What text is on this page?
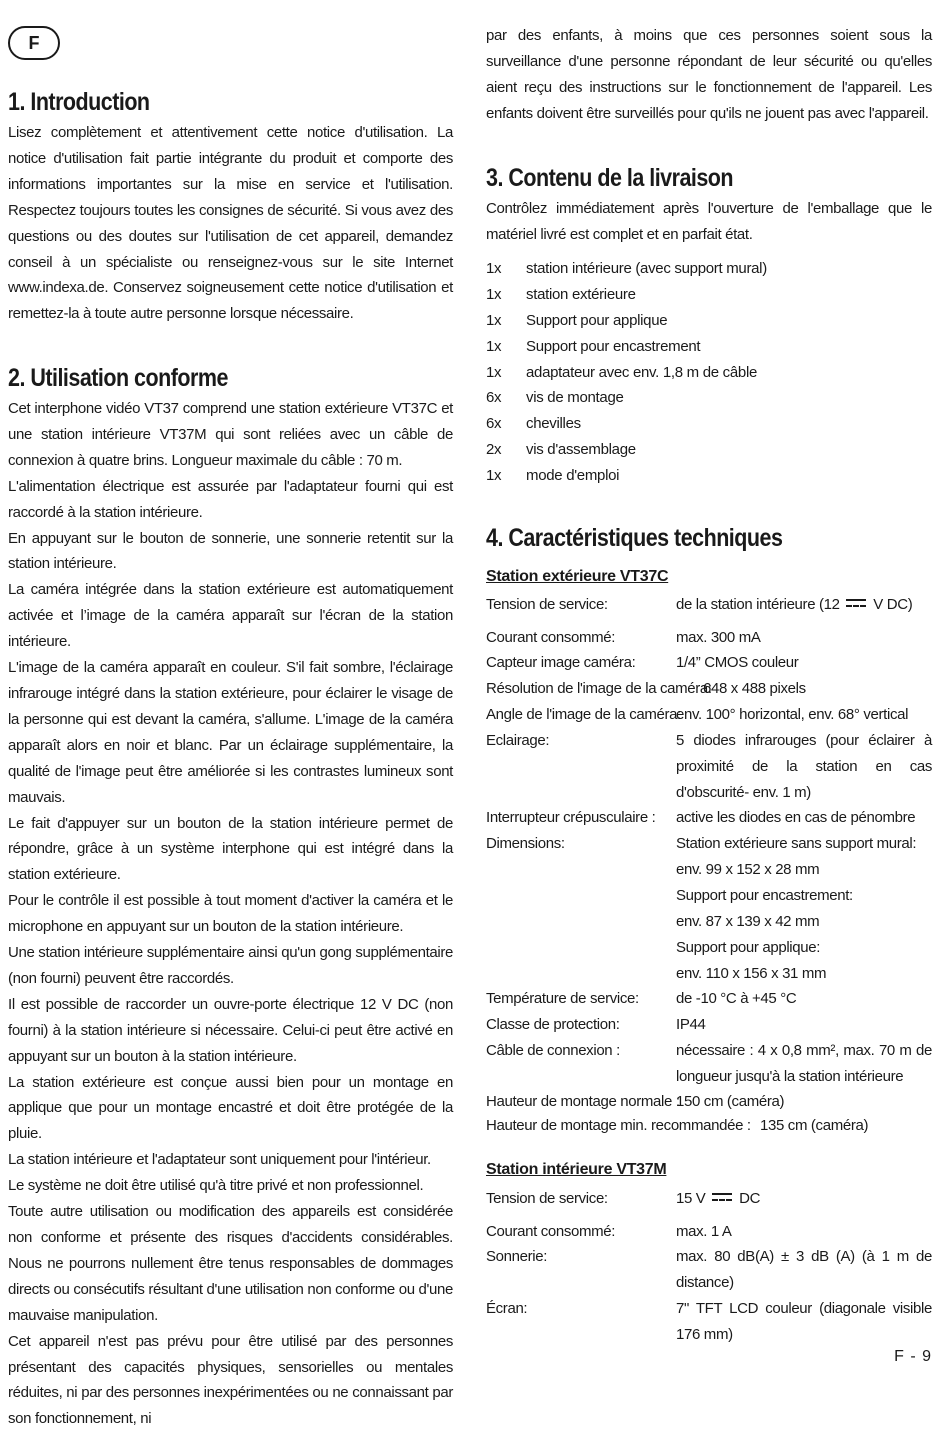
F
1. Introduction

Lisez complètement et attentivement cette notice d'utilisation. La notice d'utilisation fait partie intégrante du produit et comporte des informations importantes sur la mise en service et l'utilisation. Respectez toujours toutes les consignes de sécurité. Si vous avez des questions ou des doutes sur l'utilisation de cet appareil, demandez conseil à un spécialiste ou renseignez-vous sur le site Internet www.indexa.de. Conservez soigneusement cette notice d'utilisation et remettez-la à toute autre personne lorsque nécessaire.

2. Utilisation conforme

Cet interphone vidéo VT37 comprend une station extérieure VT37C et une station intérieure VT37M qui sont reliées avec un câble de connexion à quatre brins. Longueur maximale du câble : 70 m.

L'alimentation électrique est assurée par l'adaptateur fourni qui est raccordé à la station intérieure.

En appuyant sur le bouton de sonnerie, une sonnerie retentit sur la station intérieure.

La caméra intégrée dans la station extérieure est automatiquement activée et l’image de la caméra apparaît sur l'écran de la station intérieure.

L'image de la caméra apparaît en couleur. S'il fait sombre, l'éclairage infrarouge intégré dans la station extérieure, pour éclairer le visage de la personne qui est devant la caméra, s'allume. L'image de la caméra apparaît alors en noir et blanc. Par un éclairage supplémentaire, la qualité de l'image peut être améliorée si les contrastes lumineux sont mauvais.

Le fait d'appuyer sur un bouton de la station intérieure permet de répondre, grâce à un système interphone qui est intégré dans la station extérieure.

Pour le contrôle il est possible à tout moment d'activer la caméra et le microphone en appuyant sur un bouton de la station intérieure.

Une station intérieure supplémentaire ainsi qu'un gong supplémentaire (non fourni) peuvent être raccordés.

Il est possible de raccorder un ouvre-porte électrique 12 V DC (non fourni) à la station intérieure si nécessaire. Celui-ci peut être activé en appuyant sur un bouton à la station intérieure.

La station extérieure est conçue aussi bien pour un montage en applique que pour un montage encastré et doit être protégée de la pluie.

La station intérieure et l'adaptateur sont uniquement pour l'intérieur.

Le système ne doit être utilisé qu'à titre privé et non professionnel.

Toute autre utilisation ou modification des appareils est considérée non conforme et présente des risques d'accidents considérables. Nous ne pourrons nullement être tenus responsables de dommages directs ou consécutifs résultant d'une utilisation non conforme ou d'une mauvaise manipulation.

Cet appareil n'est pas prévu pour être utilisé par des personnes présentant des capacités physiques, sensorielles ou mentales réduites, ni par des personnes inexpérimentées ou ne connaissant par son fonctionnement, ni

par des enfants, à moins que ces personnes soient sous la surveillance d'une personne répondant de leur sécurité ou qu'elles aient reçu des instructions sur le fonctionnement de l'appareil. Les enfants doivent être surveillés pour qu'ils ne jouent pas avec l'appareil.

3. Contenu de la livraison

Contrôlez immédiatement après l'ouverture de l'emballage que le matériel livré est complet et en parfait état.

1x	station intérieure (avec support mural)
1x	station extérieure
1x	Support pour applique
1x	Support pour encastrement
1x	adaptateur avec env. 1,8 m de câble
6x	vis de montage
6x	chevilles
2x	vis d'assemblage
1x	mode d'emploi
4. Caractéristiques techniques

Station extérieure VT37C

Tension de service:	de la station intérieure (12 V DC)
Courant consommé:	max. 300 mA
Capteur image caméra:	1/4” CMOS couleur
Résolution de l'image de la caméra:
648 x 488 pixels
Angle de l'image de la caméra:
env. 100° horizontal, env. 68° vertical
Eclairage:	5 diodes infrarouges (pour éclairer à proximité de la station en cas d'obscurité- env. 1 m)
Interrupteur crépusculaire : active les diodes en cas de pénombre
Dimensions:	Station extérieure sans support mural:
env. 99 x 152 x 28 mm
Support pour encastrement:
env. 87 x 139 x 42 mm
Support pour applique:
env. 110 x 156 x 31 mm
Température de service: de -10 °C à +45 °C
Classe de protection:	IP44
Câble de connexion :	nécessaire : 4 x 0,8 mm², max. 70 m de longueur jusqu'à la station intérieure
Hauteur de montage normale :
150 cm (caméra)
Hauteur de montage min. recommandée : 135 cm (caméra)

Station intérieure VT37M

Tension de service:	15 V DC
Courant consommé:	max. 1 A
Sonnerie:	max. 80 dB(A) ± 3 dB (A) (à 1 m de distance)
Écran:	7" TFT LCD couleur (diagonale visible 176 mm)
F - 9
